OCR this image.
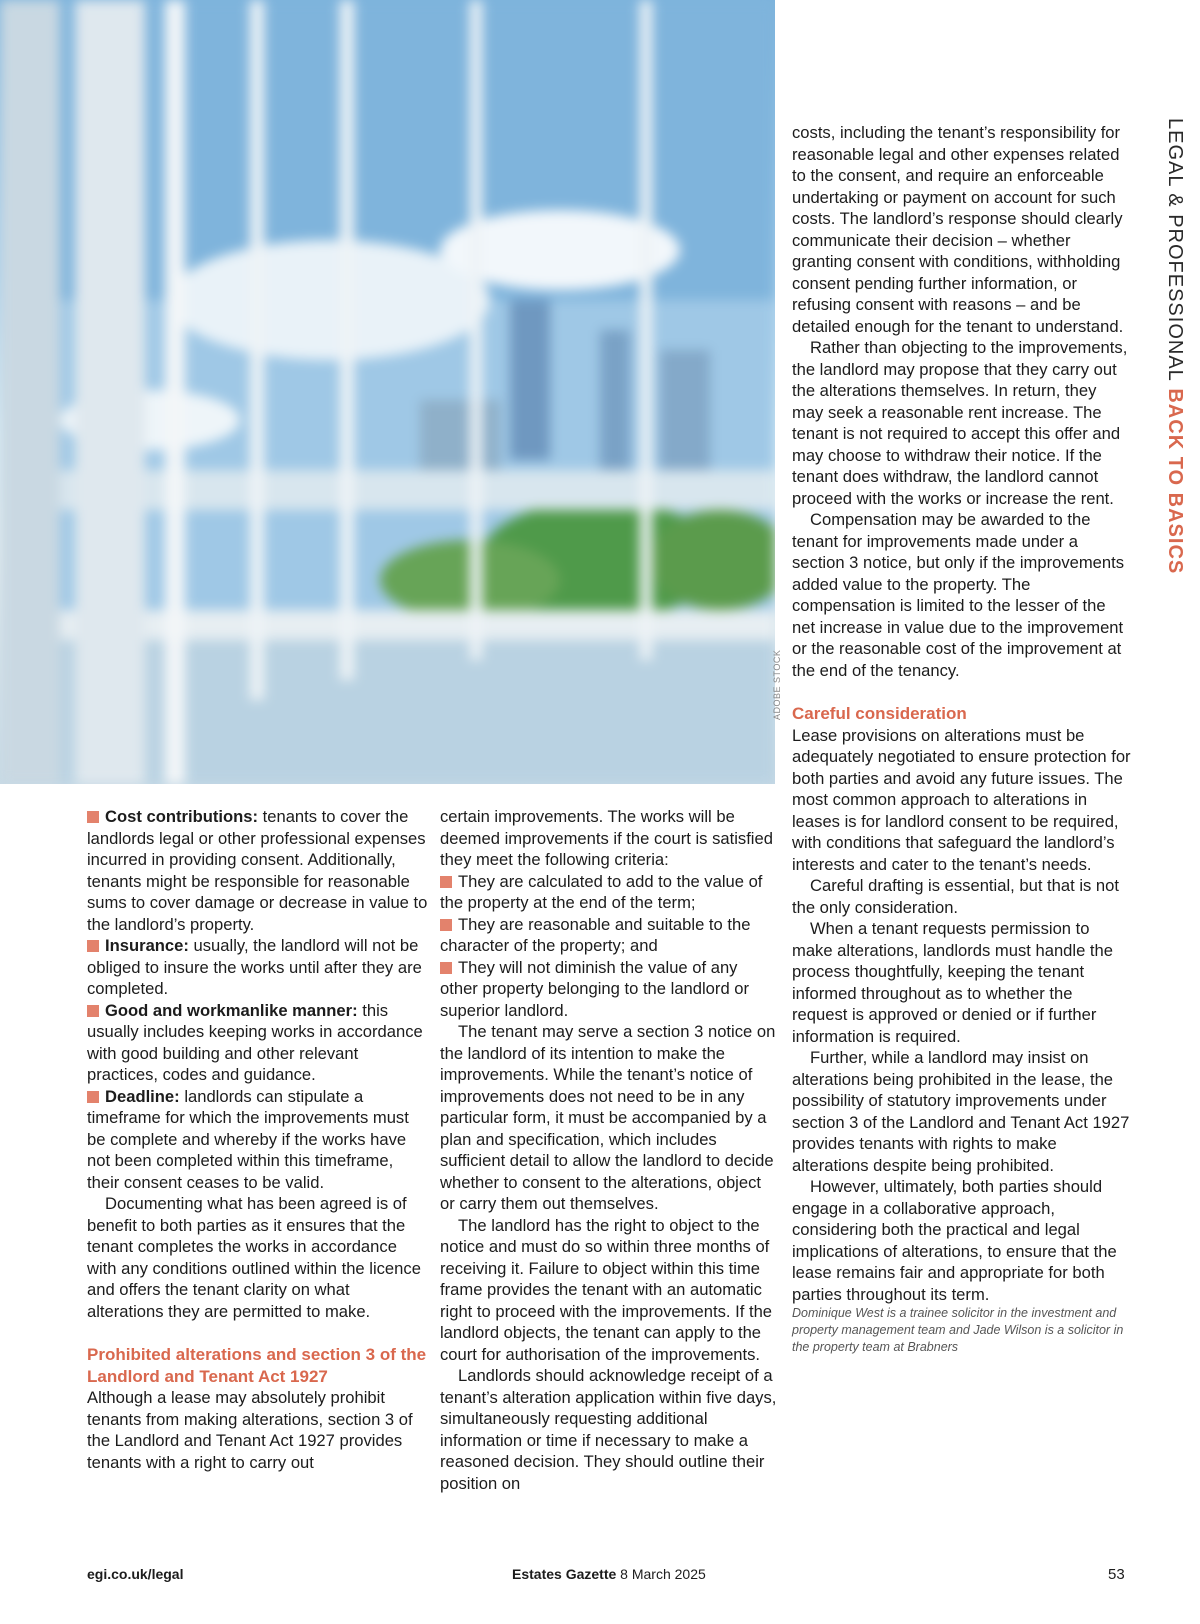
ADOBE STOCK
LEGAL & PROFESSIONAL BACK TO BASICS

Cost contributions: tenants to cover the landlords legal or other professional expenses incurred in providing consent. Additionally, tenants might be responsible for reasonable sums to cover damage or decrease in value to the landlord’s property.

Insurance: usually, the landlord will not be obliged to insure the works until after they are completed.

Good and workmanlike manner: this usually includes keeping works in accordance with good building and other relevant practices, codes and guidance.

Deadline: landlords can stipulate a timeframe for which the improvements must be complete and whereby if the works have not been completed within this timeframe, their consent ceases to be valid.

Documenting what has been agreed is of benefit to both parties as it ensures that the tenant completes the works in accordance with any conditions outlined within the licence and offers the tenant clarity on what alterations they are permitted to make.

Prohibited alterations and section 3 of the Landlord and Tenant Act 1927

Although a lease may absolutely prohibit tenants from making alterations, section 3 of the Landlord and Tenant Act 1927 provides tenants with a right to carry out

certain improvements. The works will be deemed improvements if the court is satisfied they meet the following criteria:

They are calculated to add to the value of the property at the end of the term;

They are reasonable and suitable to the character of the property; and

They will not diminish the value of any other property belonging to the landlord or superior landlord.

The tenant may serve a section 3 notice on the landlord of its intention to make the improvements. While the tenant’s notice of improvements does not need to be in any particular form, it must be accompanied by a plan and specification, which includes sufficient detail to allow the landlord to decide whether to consent to the alterations, object or carry them out themselves.

The landlord has the right to object to the notice and must do so within three months of receiving it. Failure to object within this time frame provides the tenant with an automatic right to proceed with the improvements. If the landlord objects, the tenant can apply to the court for authorisation of the improvements.

Landlords should acknowledge receipt of a tenant’s alteration application within five days, simultaneously requesting additional information or time if necessary to make a reasoned decision. They should outline their position on

costs, including the tenant’s responsibility for reasonable legal and other expenses related to the consent, and require an enforceable undertaking or payment on account for such costs. The landlord’s response should clearly communicate their decision – whether granting consent with conditions, withholding consent pending further information, or refusing consent with reasons – and be detailed enough for the tenant to understand.

Rather than objecting to the improvements, the landlord may propose that they carry out the alterations themselves. In return, they may seek a reasonable rent increase. The tenant is not required to accept this offer and may choose to withdraw their notice. If the tenant does withdraw, the landlord cannot proceed with the works or increase the rent.

Compensation may be awarded to the tenant for improvements made under a section 3 notice, but only if the improvements added value to the property. The compensation is limited to the lesser of the net increase in value due to the improvement or the reasonable cost of the improvement at the end of the tenancy.

Careful consideration

Lease provisions on alterations must be adequately negotiated to ensure protection for both parties and avoid any future issues. The most common approach to alterations in leases is for landlord consent to be required, with conditions that safeguard the landlord’s interests and cater to the tenant’s needs.

Careful drafting is essential, but that is not the only consideration.

When a tenant requests permission to make alterations, landlords must handle the process thoughtfully, keeping the tenant informed throughout as to whether the request is approved or denied or if further information is required.

Further, while a landlord may insist on alterations being prohibited in the lease, the possibility of statutory improvements under section 3 of the Landlord and Tenant Act 1927 provides tenants with rights to make alterations despite being prohibited.

However, ultimately, both parties should engage in a collaborative approach, considering both the practical and legal implications of alterations, to ensure that the lease remains fair and appropriate for both parties throughout its term.

Dominique West is a trainee solicitor in the investment and property management team and Jade Wilson is a solicitor in the property team at Brabners

egi.co.uk/legal	Estates Gazette 8 March 2025	53
